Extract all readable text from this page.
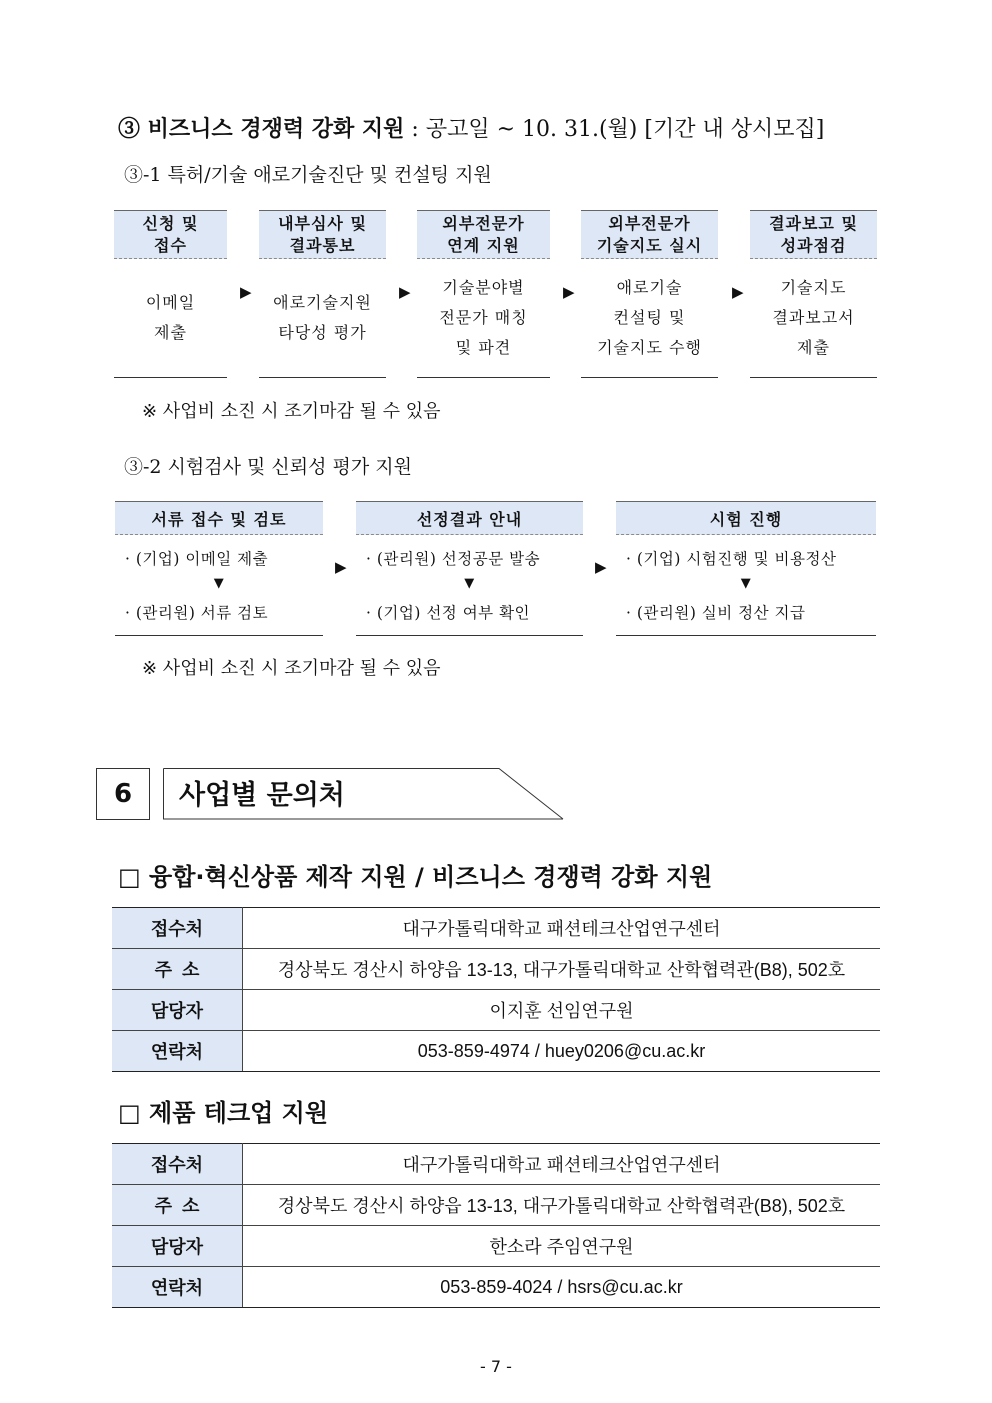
③ 비즈니스 경쟁력 강화 지원 : 공고일 ~ 10. 31.(월) [기간 내 상시모집]
③-1 특허/기술 애로기술진단 및 컨설팅 지원
신청 및
접수
이메일
제출
▶
내부심사 및
결과통보
애로기술지원
타당성 평가
▶
외부전문가
연계 지원
기술분야별
전문가 매칭
및 파견
▶
외부전문가
기술지도 실시
애로기술
컨설팅 및
기술지도 수행
▶
결과보고 및
성과점검
기술지도
결과보고서
제출
※ 사업비 소진 시 조기마감 될 수 있음
③-2 시험검사 및 신뢰성 평가 지원
서류 접수 및 검토
· (기업) 이메일 제출
▼
· (관리원) 서류 검토
▶
선정결과 안내
· (관리원) 선정공문 발송
▼
· (기업) 선정 여부 확인
▶
시험 진행
· (기업) 시험진행 및 비용정산
▼
· (관리원) 실비 정산 지급
※ 사업비 소진 시 조기마감 될 수 있음
6	사업별 문의처
□ 융합·혁신상품 제작 지원 / 비즈니스 경쟁력 강화 지원
접수처	대구가톨릭대학교 패션테크산업연구센터
주  소	경상북도 경산시 하양읍 13-13, 대구가톨릭대학교 산학협력관(B8), 502호
담당자	이지훈 선임연구원
연락처	053-859-4974 / huey0206@cu.ac.kr
□ 제품 테크업 지원
접수처	대구가톨릭대학교 패션테크산업연구센터
주  소	경상북도 경산시 하양읍 13-13, 대구가톨릭대학교 산학협력관(B8), 502호
담당자	한소라 주임연구원
연락처	053-859-4024 / hsrs@cu.ac.kr
- 7 -
